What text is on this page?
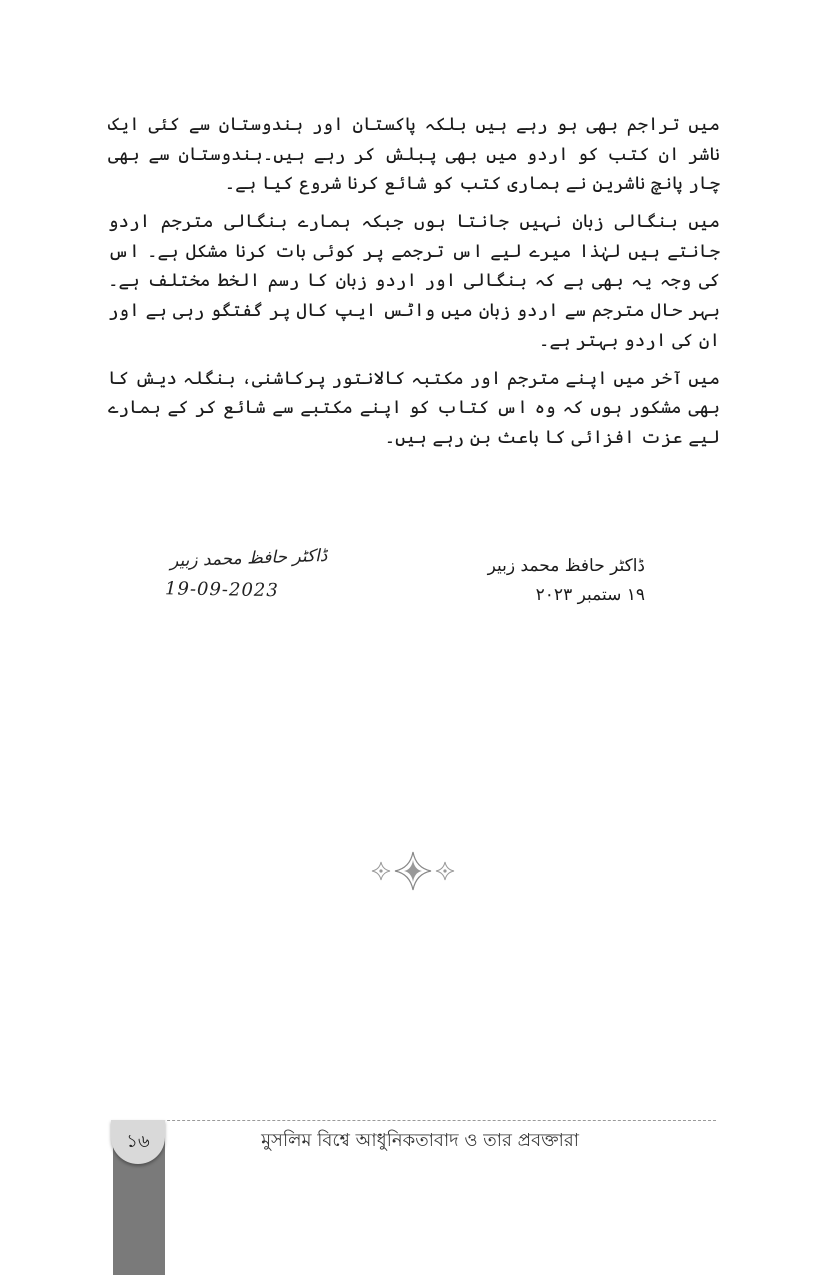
میں تراجم بھی ہو رہے ہیں بلکہ پاکستان اور ہندوستان سے کئی ایک ناشر ان کتب کو اردو میں بھی پبلش کر رہے ہیں۔ہندوستان سے بھی چار پانچ ناشرین نے ہماری کتب کو شائع کرنا شروع کیا ہے۔

میں بنگالی زبان نہیں جانتا ہوں جبکہ ہمارے بنگالی مترجم اردو جانتے ہیں لہٰذا میرے لیے اس ترجمے پر کوئی بات کرنا مشکل ہے۔ اس کی وجہ یہ بھی ہے کہ بنگالی اور اردو زبان کا رسم الخط مختلف ہے۔ بہر حال مترجم سے اردو زبان میں واٹس ایپ کال پر گفتگو رہی ہے اور ان کی اردو بہتر ہے۔

میں آخر میں اپنے مترجم اور مکتبہ کالانتور پرکاشنی، بنگلہ دیش کا بھی مشکور ہوں کہ وہ اس کتاب کو اپنے مکتبے سے شائع کر کے ہمارے لیے عزت افزائی کا باعث بن رہے ہیں۔

ڈاکٹر حافظ محمد زبیر
۱۹ ستمبر ۲۰۲۳
ڈاکٹر حافظ محمد زبیر
19-09-2023
১৬	মুসলিম বিশ্বে আধুনিকতাবাদ ও তার প্রবক্তারা
